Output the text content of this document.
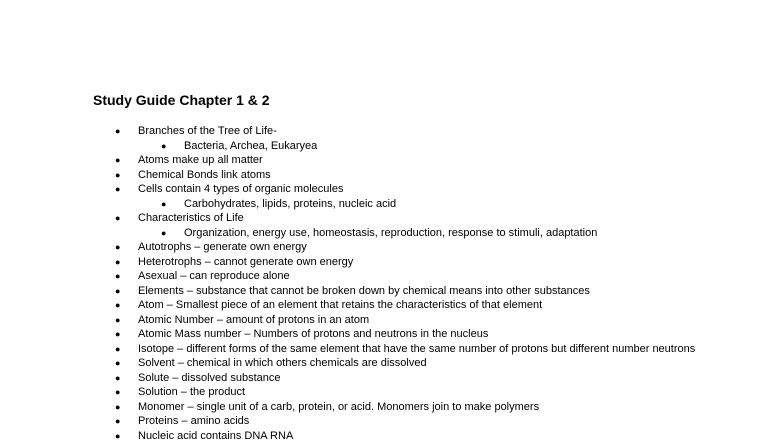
Study Guide Chapter 1 & 2
● Branches of the Tree of Life-
● Bacteria, Archea, Eukaryea
● Atoms make up all matter
● Chemical Bonds link atoms
● Cells contain 4 types of organic molecules
● Carbohydrates, lipids, proteins, nucleic acid
● Characteristics of Life
● Organization, energy use, homeostasis, reproduction, response to stimuli, adaptation
● Autotrophs – generate own energy
● Heterotrophs – cannot generate own energy
● Asexual – can reproduce alone
● Elements – substance that cannot be broken down by chemical means into other substances
● Atom – Smallest piece of an element that retains the characteristics of that element
● Atomic Number – amount of protons in an atom
● Atomic Mass number – Numbers of protons and neutrons in the nucleus
● Isotope – different forms of the same element that have the same number of protons but different number neutrons
● Solvent – chemical in which others chemicals are dissolved
● Solute – dissolved substance
● Solution – the product
● Monomer – single unit of a carb, protein, or acid. Monomers join to make polymers
● Proteins – amino acids
● Nucleic acid contains DNA RNA
